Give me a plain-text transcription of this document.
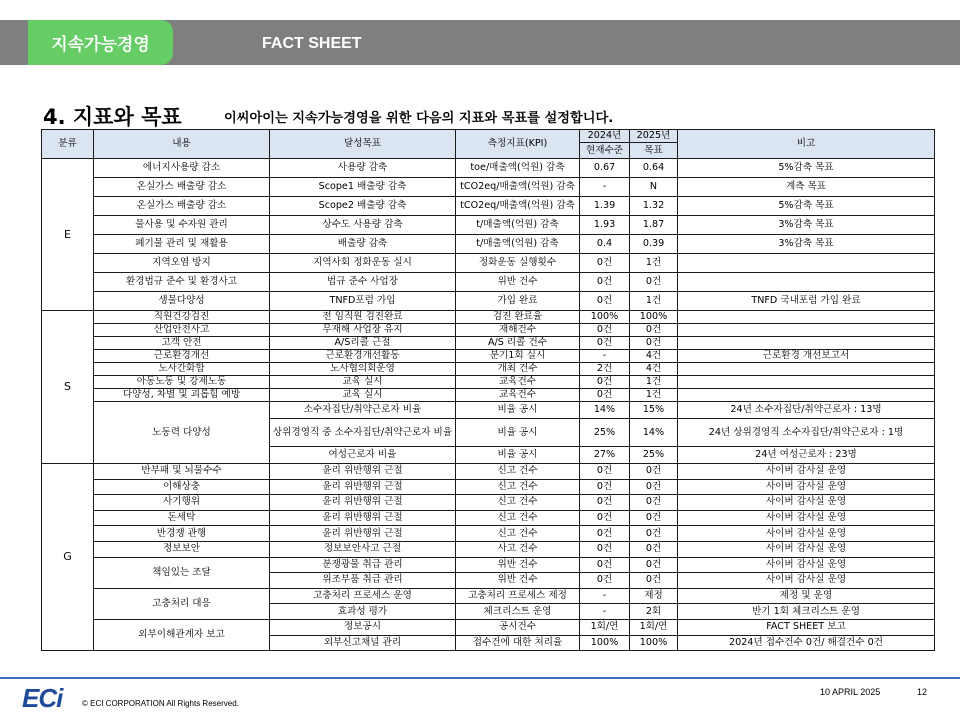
지속가능경영	FACT SHEET
4. 지표와 목표	이씨아이는 지속가능경영을 위한 다음의 지표와 목표를 설정합니다.
분류	내용	달성목표	측정지표(KPI)	2024년	2025년	비고
				현재수준	목표	
E	에너지사용량 감소	사용량 감축	toe/매출액(억원) 감축	0.67	0.64	5%감축 목표
	온실가스 배출량 감소	Scope1 배출량 감축	tCO2eq/매출액(억원) 감축	-	N	계측 목표
	온실가스 배출량 감소	Scope2 배출량 감축	tCO2eq/매출액(억원) 감축	1.39	1.32	5%감축 목표
	물사용 및 수자원 관리	상수도 사용량 감축	t/매출액(억원) 감축	1.93	1.87	3%감축 목표
	폐기물 관리 및 재활용	배출량 감축	t/매출액(억원) 감축	0.4	0.39	3%감축 목표
	지역오염 방지	지역사회 정화운동 실시	정화운동 실행횟수	0건	1건	
	환경법규 준수 및 환경사고	법규 준수 사업장	위반 건수	0건	0건	
	생물다양성	TNFD포럼 가입	가입 완료	0건	1건	TNFD 국내포럼 가입 완료
S	직원건강검진	전 임직원 검진완료	검진 완료율	100%	100%	
	산업안전사고	무재해 사업장 유지	재해건수	0건	0건	
	고객 안전	A/S리콜 근절	A/S 리콜 건수	0건	0건	
	근로환경개선	근로환경개선활동	분기1회 실시	-	4건	근로환경 개선보고서
	노사간화합	노사협의회운영	개최 건수	2건	4건	
	아동노동 및 강제노동	교육 실시	교육건수	0건	1건	
	다양성, 차별 및 괴롭힘 예방	교육 실시	교육건수	0건	1건	
	노동력 다양성	소수자집단/취약근로자 비율	비율 공시	14%	15%	24년 소수자집단/취약근로자 : 13명
		상위경영직 중 소수자집단/취약근로자 비율	비율 공시	25%	14%	24년 상위경영직 소수자집단/취약근로자 : 1명
		여성근로자 비율	비율 공시	27%	25%	24년 여성근로자 : 23명
G	반부패 및 뇌물수수	윤리 위반행위 근절	신고 건수	0건	0건	사이버 감사실 운영
	이해상충	윤리 위반행위 근절	신고 건수	0건	0건	사이버 감사실 운영
	사기행위	윤리 위반행위 근절	신고 건수	0건	0건	사이버 감사실 운영
	돈세탁	윤리 위반행위 근절	신고 건수	0건	0건	사이버 감사실 운영
	반경쟁 관행	윤리 위반행위 근절	신고 건수	0건	0건	사이버 감사실 운영
	정보보안	정보보안사고 근절	사고 건수	0건	0건	사이버 감사실 운영
	책임있는 조달	분쟁광물 취급 관리	위반 건수	0건	0건	사이버 감사실 운영
		위조부품 취급 관리	위반 건수	0건	0건	사이버 감사실 운영
	고충처리 대응	고충처리 프로세스 운영	고충처리 프로세스 제정	-	제정	제정 및 운영
		효과성 평가	체크리스트 운영	-	2회	반기 1회 체크리스트 운영
	외부이해관계자 보고	정보공시	공시건수	1회/연	1회/연	FACT SHEET 보고
		외부신고채널 관리	접수건에 대한 처리율	100%	100%	2024년 접수건수 0건/ 해결건수 0건
ECi © ECI CORPORATION All Rights Reserved.
10 APRIL 2025	12
